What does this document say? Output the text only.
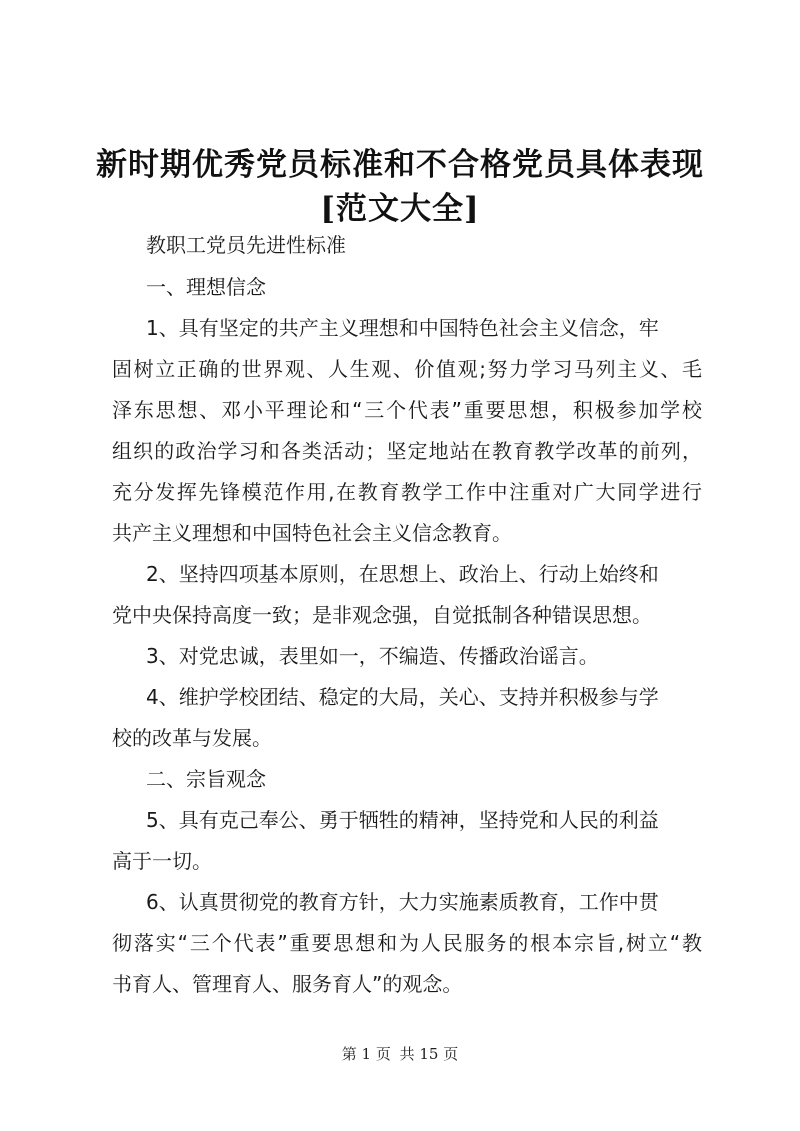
新时期优秀党员标准和不合格党员具体表现
[范文大全]
教职工党员先进性标准
一、理想信念
1、具有坚定的共产主义理想和中国特色社会主义信念，牢
固树立正确的世界观、人生观、价值观;努力学习马列主义、毛
泽东思想、邓小平理论和“三个代表”重要思想，积极参加学校
组织的政治学习和各类活动；坚定地站在教育教学改革的前列，
充分发挥先锋模范作用,在教育教学工作中注重对广大同学进行
共产主义理想和中国特色社会主义信念教育。
2、坚持四项基本原则，在思想上、政治上、行动上始终和
党中央保持高度一致；是非观念强，自觉抵制各种错误思想。
3、对党忠诚，表里如一，不编造、传播政治谣言。
4、维护学校团结、稳定的大局，关心、支持并积极参与学
校的改革与发展。
二、宗旨观念
5、具有克己奉公、勇于牺牲的精神，坚持党和人民的利益
高于一切。
6、认真贯彻党的教育方针，大力实施素质教育，工作中贯
彻落实“三个代表”重要思想和为人民服务的根本宗旨,树立“教
书育人、管理育人、服务育人”的观念。
第 1 页 共 15 页
